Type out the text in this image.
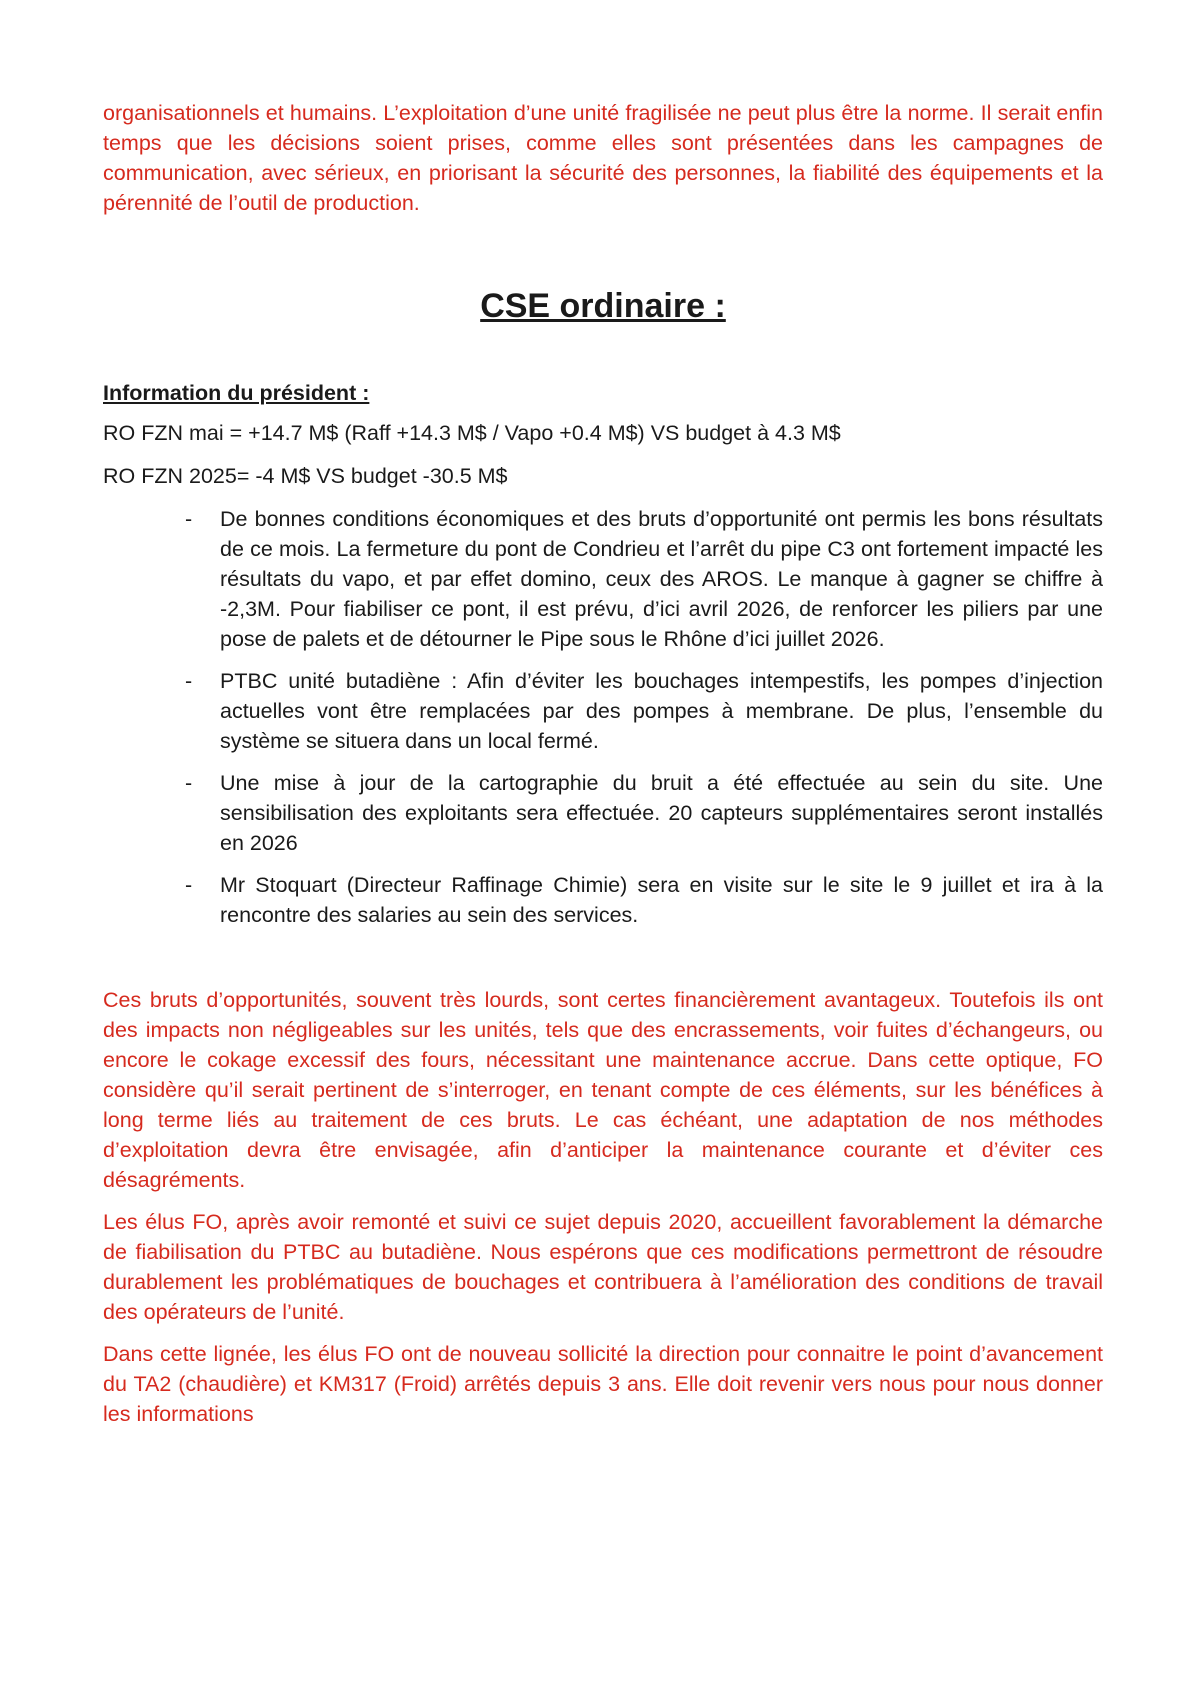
organisationnels et humains. L’exploitation d’une unité fragilisée ne peut plus être la norme. Il serait enfin temps que les décisions soient prises, comme elles sont présentées dans les campagnes de communication, avec sérieux, en priorisant la sécurité des personnes, la fiabilité des équipements et la pérennité de l’outil de production.

CSE ordinaire :
Information du président :

RO FZN mai = +14.7 M$ (Raff +14.3 M$ / Vapo +0.4 M$) VS budget à 4.3 M$

RO FZN 2025= -4 M$ VS budget -30.5 M$

- De bonnes conditions économiques et des bruts d’opportunité ont permis les bons résultats de ce mois. La fermeture du pont de Condrieu et l’arrêt du pipe C3 ont fortement impacté les résultats du vapo, et par effet domino, ceux des AROS. Le manque à gagner se chiffre à -2,3M. Pour fiabiliser ce pont, il est prévu, d’ici avril 2026, de renforcer les piliers par une pose de palets et de détourner le Pipe sous le Rhône d’ici juillet 2026.
- PTBC unité butadiène : Afin d’éviter les bouchages intempestifs, les pompes d’injection actuelles vont être remplacées par des pompes à membrane. De plus, l’ensemble du système se situera dans un local fermé.
- Une mise à jour de la cartographie du bruit a été effectuée au sein du site. Une sensibilisation des exploitants sera effectuée. 20 capteurs supplémentaires seront installés en 2026
- Mr Stoquart (Directeur Raffinage Chimie) sera en visite sur le site le 9 juillet et ira à la rencontre des salaries au sein des services.

Ces bruts d’opportunités, souvent très lourds, sont certes financièrement avantageux. Toutefois ils ont des impacts non négligeables sur les unités, tels que des encrassements, voir fuites d’échangeurs, ou encore le cokage excessif des fours, nécessitant une maintenance accrue. Dans cette optique, FO considère qu’il serait pertinent de s’interroger, en tenant compte de ces éléments, sur les bénéfices à long terme liés au traitement de ces bruts. Le cas échéant, une adaptation de nos méthodes d’exploitation devra être envisagée, afin d’anticiper la maintenance courante et d’éviter ces désagréments.

Les élus FO, après avoir remonté et suivi ce sujet depuis 2020, accueillent favorablement la démarche de fiabilisation du PTBC au butadiène. Nous espérons que ces modifications permettront de résoudre durablement les problématiques de bouchages et contribuera à l’amélioration des conditions de travail des opérateurs de l’unité.

Dans cette lignée, les élus FO ont de nouveau sollicité la direction pour connaitre le point d’avancement du TA2 (chaudière) et KM317 (Froid) arrêtés depuis 3 ans. Elle doit revenir vers nous pour nous donner les informations
